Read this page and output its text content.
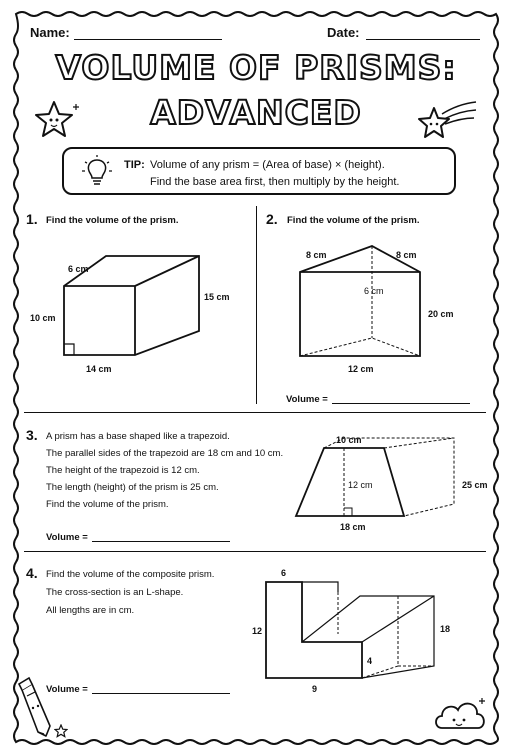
Name:	Date:
VOLUME OF PRISMS:
ADVANCED
TIP: Volume of any prism = (Area of base) × (height).
Find the base area first, then multiply by the height.
1. Find the volume of the prism.
6 cm
15 cm
10 cm
14 cm
2. Find the volume of the prism.
8 cm	8 cm
6 cm
20 cm
12 cm
Volume =
3. A prism has a base shaped like a trapezoid.
The parallel sides of the trapezoid are 18 cm and 10 cm.
The height of the trapezoid is 12 cm.
The length (height) of the prism is 25 cm.
Find the volume of the prism.
10 cm
12 cm	25 cm
18 cm
Volume =
4. Find the volume of the composite prism.
The cross-section is an L-shape.
All lengths are in cm.
6
12
4
18
9
Volume =
